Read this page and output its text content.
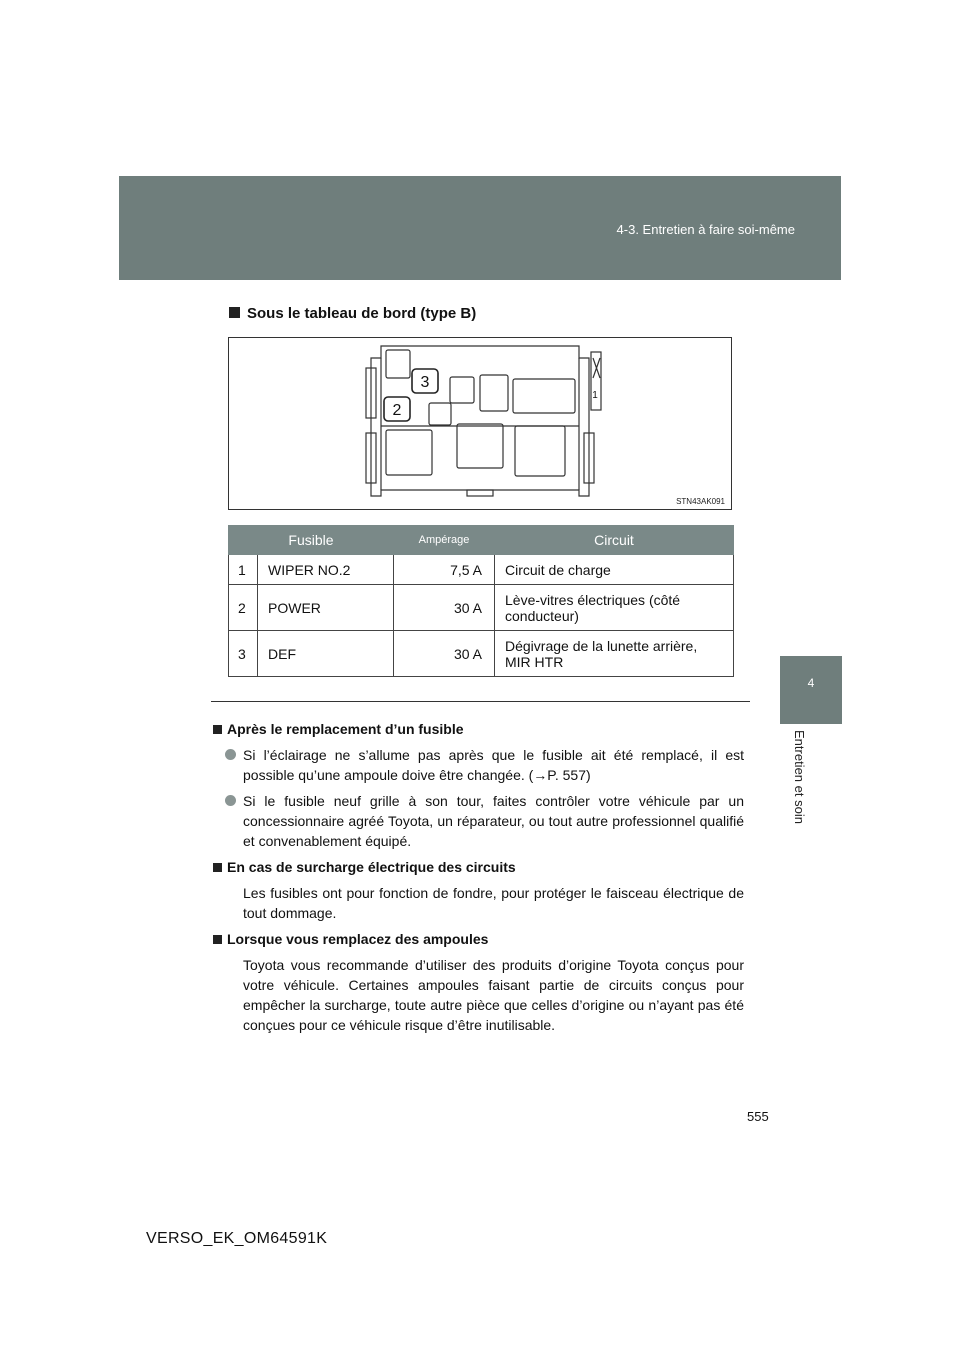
4-3. Entretien à faire soi-même
4
Entretien et soin
Sous le tableau de bord (type B)
3
2
1
STN43AK091
Fusible		Ampérage	Circuit
1	WIPER NO.2	7,5 A	Circuit de charge
2	POWER	30 A	Lève-vitres électriques (côté conducteur)
3	DEF	30 A	Dégivrage de la lunette arrière, MIR HTR
Après le remplacement d’un fusible
Si l’éclairage ne s’allume pas après que le fusible ait été remplacé, il est possible qu’une ampoule doive être changée. (→P. 557)
Si le fusible neuf grille à son tour, faites contrôler votre véhicule par un concessionnaire agréé Toyota, un réparateur, ou tout autre professionnel qualifié et convenablement équipé.
En cas de surcharge électrique des circuits
Les fusibles ont pour fonction de fondre, pour protéger le faisceau électrique de tout dommage.
Lorsque vous remplacez des ampoules
Toyota vous recommande d’utiliser des produits d’origine Toyota conçus pour votre véhicule. Certaines ampoules faisant partie de circuits conçus pour empêcher la surcharge, toute autre pièce que celles d’origine ou n’ayant pas été conçues pour ce véhicule risque d’être inutilisable.
555
VERSO_EK_OM64591K
